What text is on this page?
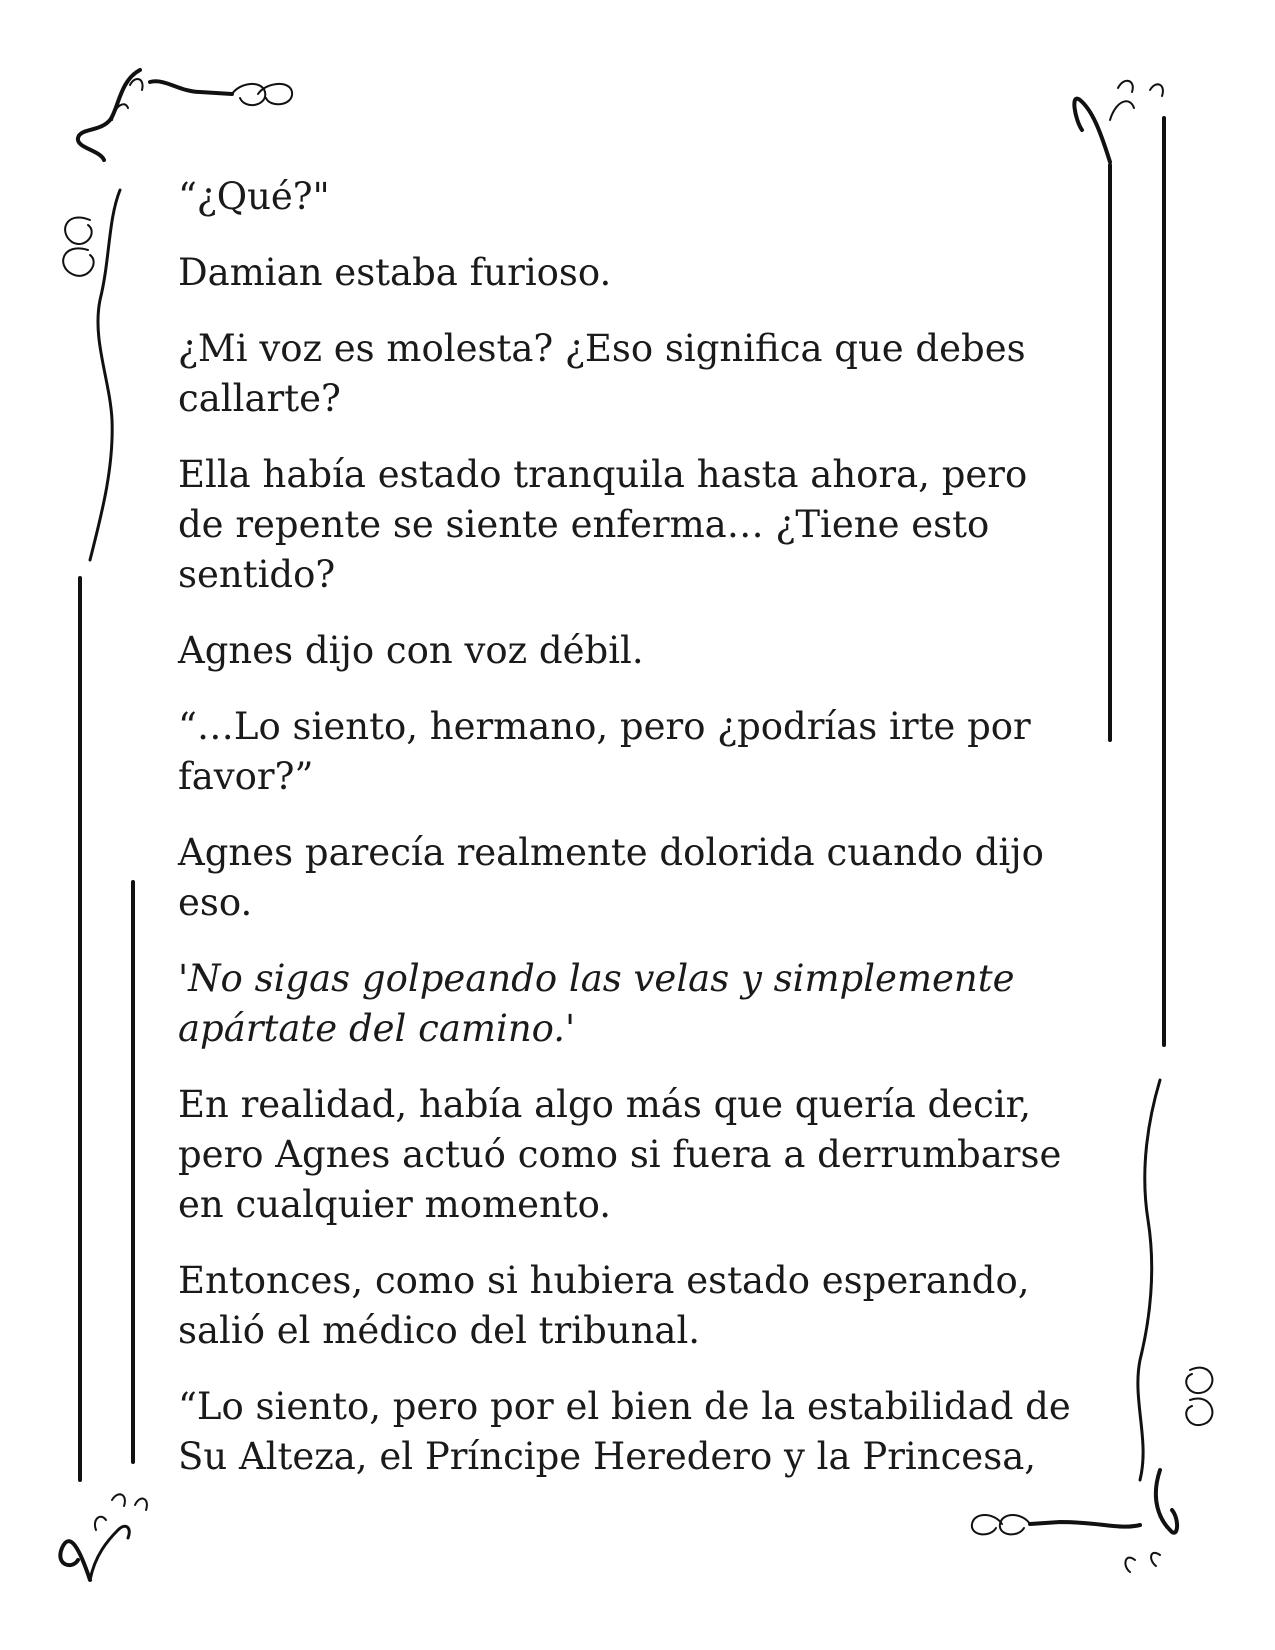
“¿Qué?"

Damian estaba furioso.

¿Mi voz es molesta? ¿Eso significa que debes
callarte?

Ella había estado tranquila hasta ahora, pero
de repente se siente enferma… ¿Tiene esto
sentido?

Agnes dijo con voz débil.

“…Lo siento, hermano, pero ¿podrías irte por
favor?”

Agnes parecía realmente dolorida cuando dijo
eso.

'No sigas golpeando las velas y simplemente
apártate del camino.'

En realidad, había algo más que quería decir,
pero Agnes actuó como si fuera a derrumbarse
en cualquier momento.

Entonces, como si hubiera estado esperando,
salió el médico del tribunal.

“Lo siento, pero por el bien de la estabilidad de
Su Alteza, el Príncipe Heredero y la Princesa,
